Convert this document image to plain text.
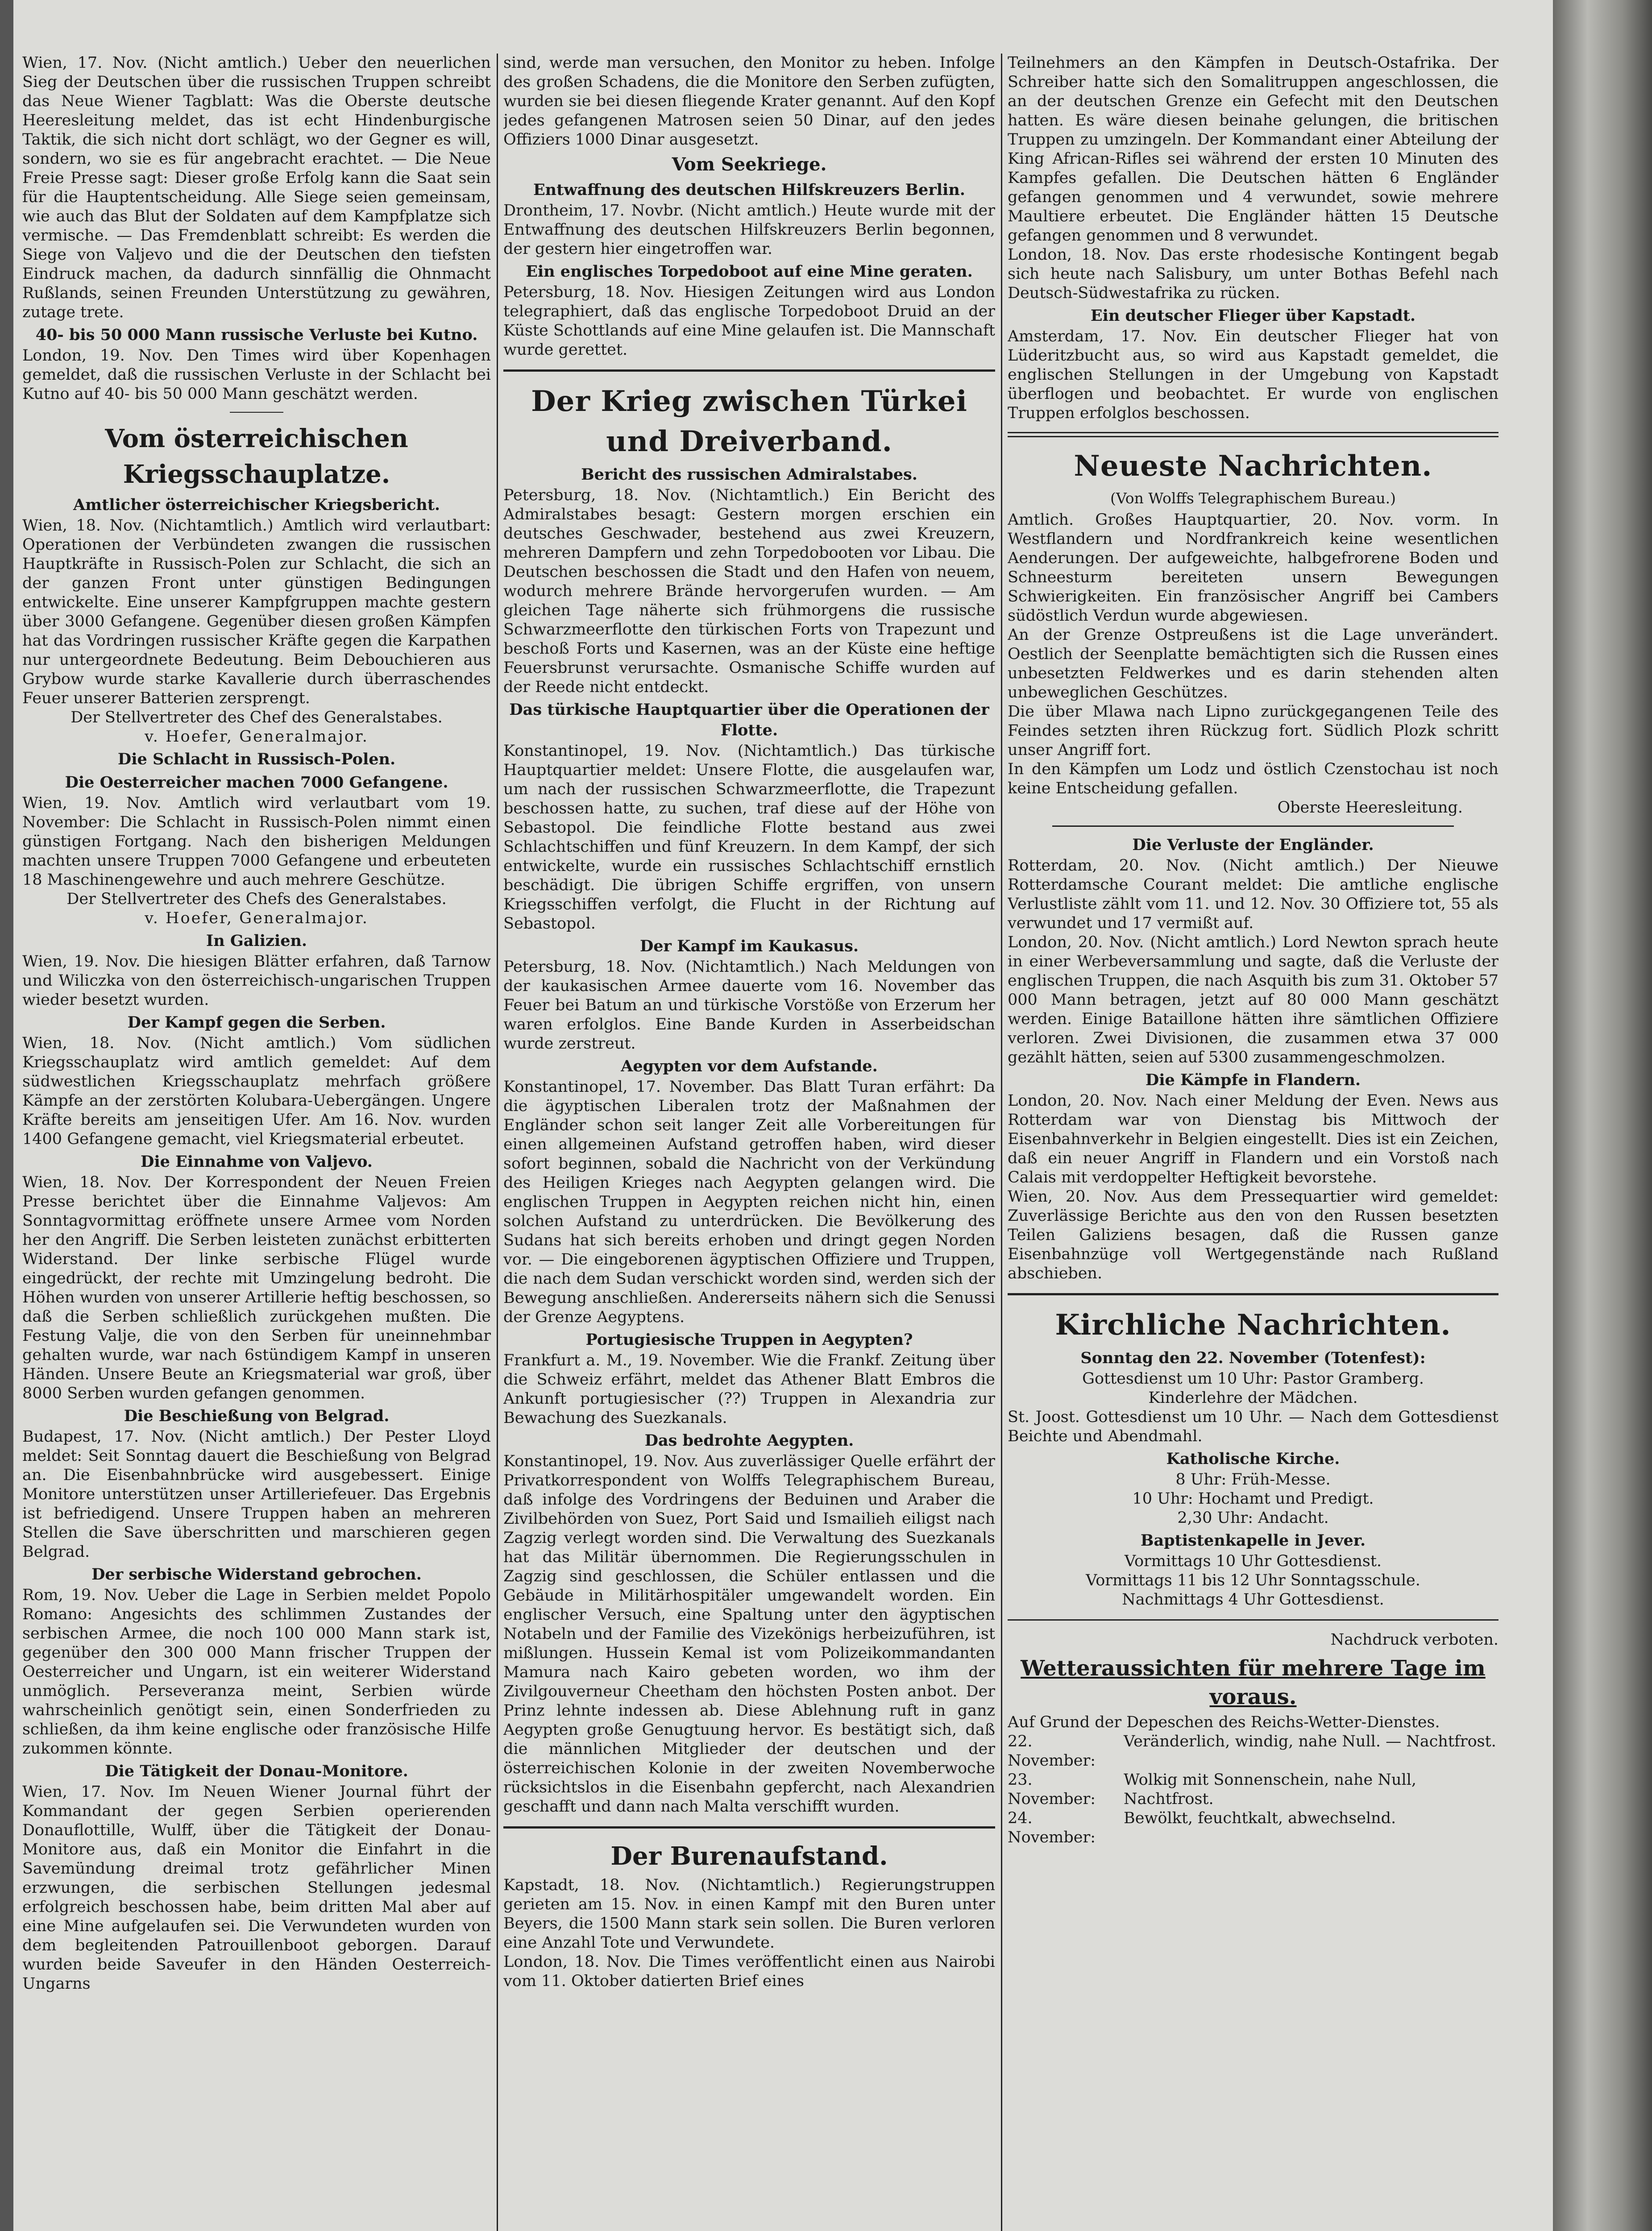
Wien, 17. Nov. (Nicht amtlich.) Ueber den neuerlichen Sieg der Deutschen über die russischen Truppen schreibt das Neue Wiener Tagblatt: Was die Oberste deutsche Heeresleitung meldet, das ist echt Hindenburgische Taktik, die sich nicht dort schlägt, wo der Gegner es will, sondern, wo sie es für angebracht erachtet. — Die Neue Freie Presse sagt: Dieser große Erfolg kann die Saat sein für die Hauptentscheidung. Alle Siege seien gemeinsam, wie auch das Blut der Soldaten auf dem Kampfplatze sich vermische. — Das Fremdenblatt schreibt: Es werden die Siege von Valjevo und die der Deutschen den tiefsten Eindruck machen, da dadurch sinnfällig die Ohnmacht Rußlands, seinen Freunden Unterstützung zu gewähren, zutage trete.

40- bis 50 000 Mann russische Verluste bei Kutno.

London, 19. Nov. Den Times wird über Kopenhagen gemeldet, daß die russischen Verluste in der Schlacht bei Kutno auf 40- bis 50 000 Mann geschätzt werden.

Vom österreichischen Kriegsschauplatze.
Amtlicher österreichischer Kriegsbericht.

Wien, 18. Nov. (Nichtamtlich.) Amtlich wird verlautbart: Operationen der Verbündeten zwangen die russischen Hauptkräfte in Russisch-Polen zur Schlacht, die sich an der ganzen Front unter günstigen Bedingungen entwickelte. Eine unserer Kampfgruppen machte gestern über 3000 Gefangene. Gegenüber diesen großen Kämpfen hat das Vordringen russischer Kräfte gegen die Karpathen nur untergeordnete Bedeutung. Beim Debouchieren aus Grybow wurde starke Kavallerie durch überraschendes Feuer unserer Batterien zersprengt.

Der Stellvertreter des Chef des Generalstabes.

v. Hoefer, Generalmajor.

Die Schlacht in Russisch-Polen.
Die Oesterreicher machen 7000 Gefangene.

Wien, 19. Nov. Amtlich wird verlautbart vom 19. November: Die Schlacht in Russisch-Polen nimmt einen günstigen Fortgang. Nach den bisherigen Meldungen machten unsere Truppen 7000 Gefangene und erbeuteten 18 Maschinengewehre und auch mehrere Geschütze.

Der Stellvertreter des Chefs des Generalstabes.

v. Hoefer, Generalmajor.

In Galizien.

Wien, 19. Nov. Die hiesigen Blätter erfahren, daß Tarnow und Wiliczka von den österreichisch-ungarischen Truppen wieder besetzt wurden.

Der Kampf gegen die Serben.

Wien, 18. Nov. (Nicht amtlich.) Vom südlichen Kriegsschauplatz wird amtlich gemeldet: Auf dem südwestlichen Kriegsschauplatz mehrfach größere Kämpfe an der zerstörten Kolubara-Uebergängen. Ungere Kräfte bereits am jenseitigen Ufer. Am 16. Nov. wurden 1400 Gefangene gemacht, viel Kriegsmaterial erbeutet.

Die Einnahme von Valjevo.

Wien, 18. Nov. Der Korrespondent der Neuen Freien Presse berichtet über die Einnahme Valjevos: Am Sonntagvormittag eröffnete unsere Armee vom Norden her den Angriff. Die Serben leisteten zunächst erbitterten Widerstand. Der linke serbische Flügel wurde eingedrückt, der rechte mit Umzingelung bedroht. Die Höhen wurden von unserer Artillerie heftig beschossen, so daß die Serben schließlich zurückgehen mußten. Die Festung Valje, die von den Serben für uneinnehmbar gehalten wurde, war nach 6stündigem Kampf in unseren Händen. Unsere Beute an Kriegsmaterial war groß, über 8000 Serben wurden gefangen genommen.

Die Beschießung von Belgrad.

Budapest, 17. Nov. (Nicht amtlich.) Der Pester Lloyd meldet: Seit Sonntag dauert die Beschießung von Belgrad an. Die Eisenbahnbrücke wird ausgebessert. Einige Monitore unterstützen unser Artilleriefeuer. Das Ergebnis ist befriedigend. Unsere Truppen haben an mehreren Stellen die Save überschritten und marschieren gegen Belgrad.

Der serbische Widerstand gebrochen.

Rom, 19. Nov. Ueber die Lage in Serbien meldet Popolo Romano: Angesichts des schlimmen Zustandes der serbischen Armee, die noch 100 000 Mann stark ist, gegenüber den 300 000 Mann frischer Truppen der Oesterreicher und Ungarn, ist ein weiterer Widerstand unmöglich. Perseveranza meint, Serbien würde wahrscheinlich genötigt sein, einen Sonderfrieden zu schließen, da ihm keine englische oder französische Hilfe zukommen könnte.

Die Tätigkeit der Donau-Monitore.

Wien, 17. Nov. Im Neuen Wiener Journal führt der Kommandant der gegen Serbien operierenden Donauflottille, Wulff, über die Tätigkeit der Donau-Monitore aus, daß ein Monitor die Einfahrt in die Savemündung dreimal trotz gefährlicher Minen erzwungen, die serbischen Stellungen jedesmal erfolgreich beschossen habe, beim dritten Mal aber auf eine Mine aufgelaufen sei. Die Verwundeten wurden von dem begleitenden Patrouillenboot geborgen. Darauf wurden beide Saveufer in den Händen Oesterreich-Ungarns

sind, werde man versuchen, den Monitor zu heben. Infolge des großen Schadens, die die Monitore den Serben zufügten, wurden sie bei diesen fliegende Krater genannt. Auf den Kopf jedes gefangenen Matrosen seien 50 Dinar, auf den jedes Offiziers 1000 Dinar ausgesetzt.

Vom Seekriege.
Entwaffnung des deutschen Hilfskreuzers Berlin.

Drontheim, 17. Novbr. (Nicht amtlich.) Heute wurde mit der Entwaffnung des deutschen Hilfskreuzers Berlin begonnen, der gestern hier eingetroffen war.

Ein englisches Torpedoboot auf eine Mine geraten.

Petersburg, 18. Nov. Hiesigen Zeitungen wird aus London telegraphiert, daß das englische Torpedoboot Druid an der Küste Schottlands auf eine Mine gelaufen ist. Die Mannschaft wurde gerettet.

Der Krieg zwischen Türkei und Dreiverband.
Bericht des russischen Admiralstabes.

Petersburg, 18. Nov. (Nichtamtlich.) Ein Bericht des Admiralstabes besagt: Gestern morgen erschien ein deutsches Geschwader, bestehend aus zwei Kreuzern, mehreren Dampfern und zehn Torpedobooten vor Libau. Die Deutschen beschossen die Stadt und den Hafen von neuem, wodurch mehrere Brände hervorgerufen wurden. — Am gleichen Tage näherte sich frühmorgens die russische Schwarzmeerflotte den türkischen Forts von Trapezunt und beschoß Forts und Kasernen, was an der Küste eine heftige Feuersbrunst verursachte. Osmanische Schiffe wurden auf der Reede nicht entdeckt.

Das türkische Hauptquartier über die Operationen der Flotte.

Konstantinopel, 19. Nov. (Nichtamtlich.) Das türkische Hauptquartier meldet: Unsere Flotte, die ausgelaufen war, um nach der russischen Schwarzmeerflotte, die Trapezunt beschossen hatte, zu suchen, traf diese auf der Höhe von Sebastopol. Die feindliche Flotte bestand aus zwei Schlachtschiffen und fünf Kreuzern. In dem Kampf, der sich entwickelte, wurde ein russisches Schlachtschiff ernstlich beschädigt. Die übrigen Schiffe ergriffen, von unsern Kriegsschiffen verfolgt, die Flucht in der Richtung auf Sebastopol.

Der Kampf im Kaukasus.

Petersburg, 18. Nov. (Nichtamtlich.) Nach Meldungen von der kaukasischen Armee dauerte vom 16. November das Feuer bei Batum an und türkische Vorstöße von Erzerum her waren erfolglos. Eine Bande Kurden in Asserbeidschan wurde zerstreut.

Aegypten vor dem Aufstande.

Konstantinopel, 17. November. Das Blatt Turan erfährt: Da die ägyptischen Liberalen trotz der Maßnahmen der Engländer schon seit langer Zeit alle Vorbereitungen für einen allgemeinen Aufstand getroffen haben, wird dieser sofort beginnen, sobald die Nachricht von der Verkündung des Heiligen Krieges nach Aegypten gelangen wird. Die englischen Truppen in Aegypten reichen nicht hin, einen solchen Aufstand zu unterdrücken. Die Bevölkerung des Sudans hat sich bereits erhoben und dringt gegen Norden vor. — Die eingeborenen ägyptischen Offiziere und Truppen, die nach dem Sudan verschickt worden sind, werden sich der Bewegung anschließen. Andererseits nähern sich die Senussi der Grenze Aegyptens.

Portugiesische Truppen in Aegypten?

Frankfurt a. M., 19. November. Wie die Frankf. Zeitung über die Schweiz erfährt, meldet das Athener Blatt Embros die Ankunft portugiesischer (??) Truppen in Alexandria zur Bewachung des Suezkanals.

Das bedrohte Aegypten.

Konstantinopel, 19. Nov. Aus zuverlässiger Quelle erfährt der Privatkorrespondent von Wolffs Telegraphischem Bureau, daß infolge des Vordringens der Beduinen und Araber die Zivilbehörden von Suez, Port Said und Ismailieh eiligst nach Zagzig verlegt worden sind. Die Verwaltung des Suezkanals hat das Militär übernommen. Die Regierungsschulen in Zagzig sind geschlossen, die Schüler entlassen und die Gebäude in Militärhospitäler umgewandelt worden. Ein englischer Versuch, eine Spaltung unter den ägyptischen Notabeln und der Familie des Vizekönigs herbeizuführen, ist mißlungen. Hussein Kemal ist vom Polizeikommandanten Mamura nach Kairo gebeten worden, wo ihm der Zivilgouverneur Cheetham den höchsten Posten anbot. Der Prinz lehnte indessen ab. Diese Ablehnung ruft in ganz Aegypten große Genugtuung hervor. Es bestätigt sich, daß die männlichen Mitglieder der deutschen und der österreichischen Kolonie in der zweiten Novemberwoche rücksichtslos in die Eisenbahn gepfercht, nach Alexandrien geschafft und dann nach Malta verschifft wurden.

Der Burenaufstand.

Kapstadt, 18. Nov. (Nichtamtlich.) Regierungstruppen gerieten am 15. Nov. in einen Kampf mit den Buren unter Beyers, die 1500 Mann stark sein sollen. Die Buren verloren eine Anzahl Tote und Verwundete.

London, 18. Nov. Die Times veröffentlicht einen aus Nairobi vom 11. Oktober datierten Brief eines

Teilnehmers an den Kämpfen in Deutsch-Ostafrika. Der Schreiber hatte sich den Somalitruppen angeschlossen, die an der deutschen Grenze ein Gefecht mit den Deutschen hatten. Es wäre diesen beinahe gelungen, die britischen Truppen zu umzingeln. Der Kommandant einer Abteilung der King African-Rifles sei während der ersten 10 Minuten des Kampfes gefallen. Die Deutschen hätten 6 Engländer gefangen genommen und 4 verwundet, sowie mehrere Maultiere erbeutet. Die Engländer hätten 15 Deutsche gefangen genommen und 8 verwundet.

London, 18. Nov. Das erste rhodesische Kontingent begab sich heute nach Salisbury, um unter Bothas Befehl nach Deutsch-Südwestafrika zu rücken.

Ein deutscher Flieger über Kapstadt.

Amsterdam, 17. Nov. Ein deutscher Flieger hat von Lüderitzbucht aus, so wird aus Kapstadt gemeldet, die englischen Stellungen in der Umgebung von Kapstadt überflogen und beobachtet. Er wurde von englischen Truppen erfolglos beschossen.

Neueste Nachrichten.
(Von Wolffs Telegraphischem Bureau.)

Amtlich. Großes Hauptquartier, 20. Nov. vorm. In Westflandern und Nordfrankreich keine wesentlichen Aenderungen. Der aufgeweichte, halbgefrorene Boden und Schneesturm bereiteten unsern Bewegungen Schwierigkeiten. Ein französischer Angriff bei Cambers südöstlich Verdun wurde abgewiesen.

An der Grenze Ostpreußens ist die Lage unverändert. Oestlich der Seenplatte bemächtigten sich die Russen eines unbesetzten Feldwerkes und es darin stehenden alten unbeweglichen Geschützes.

Die über Mlawa nach Lipno zurückgegangenen Teile des Feindes setzten ihren Rückzug fort. Südlich Plozk schritt unser Angriff fort.

In den Kämpfen um Lodz und östlich Czenstochau ist noch keine Entscheidung gefallen.

Oberste Heeresleitung.

Die Verluste der Engländer.

Rotterdam, 20. Nov. (Nicht amtlich.) Der Nieuwe Rotterdamsche Courant meldet: Die amtliche englische Verlustliste zählt vom 11. und 12. Nov. 30 Offiziere tot, 55 als verwundet und 17 vermißt auf.

London, 20. Nov. (Nicht amtlich.) Lord Newton sprach heute in einer Werbeversammlung und sagte, daß die Verluste der englischen Truppen, die nach Asquith bis zum 31. Oktober 57 000 Mann betragen, jetzt auf 80 000 Mann geschätzt werden. Einige Bataillone hätten ihre sämtlichen Offiziere verloren. Zwei Divisionen, die zusammen etwa 37 000 gezählt hätten, seien auf 5300 zusammengeschmolzen.

Die Kämpfe in Flandern.

London, 20. Nov. Nach einer Meldung der Even. News aus Rotterdam war von Dienstag bis Mittwoch der Eisenbahnverkehr in Belgien eingestellt. Dies ist ein Zeichen, daß ein neuer Angriff in Flandern und ein Vorstoß nach Calais mit verdoppelter Heftigkeit bevorstehe.

Wien, 20. Nov. Aus dem Pressequartier wird gemeldet: Zuverlässige Berichte aus den von den Russen besetzten Teilen Galiziens besagen, daß die Russen ganze Eisenbahnzüge voll Wertgegenstände nach Rußland abschieben.

Kirchliche Nachrichten.
Sonntag den 22. November (Totenfest):

Gottesdienst um 10 Uhr: Pastor Gramberg.

Kinderlehre der Mädchen.

St. Joost. Gottesdienst um 10 Uhr. — Nach dem Gottesdienst Beichte und Abendmahl.

Katholische Kirche.

8 Uhr: Früh-Messe.

10 Uhr: Hochamt und Predigt.

2,30 Uhr: Andacht.

Baptistenkapelle in Jever.

Vormittags 10 Uhr Gottesdienst.

Vormittags 11 bis 12 Uhr Sonntagsschule.

Nachmittags 4 Uhr Gottesdienst.

Nachdruck verboten.

Wetteraussichten für mehrere Tage im voraus.

Auf Grund der Depeschen des Reichs-Wetter-Dienstes.

22. November:	Veränderlich, windig, nahe Null. — Nachtfrost.
23. November:	Wolkig mit Sonnenschein, nahe Null, Nachtfrost.
24. November:	Bewölkt, feuchtkalt, abwechselnd.
